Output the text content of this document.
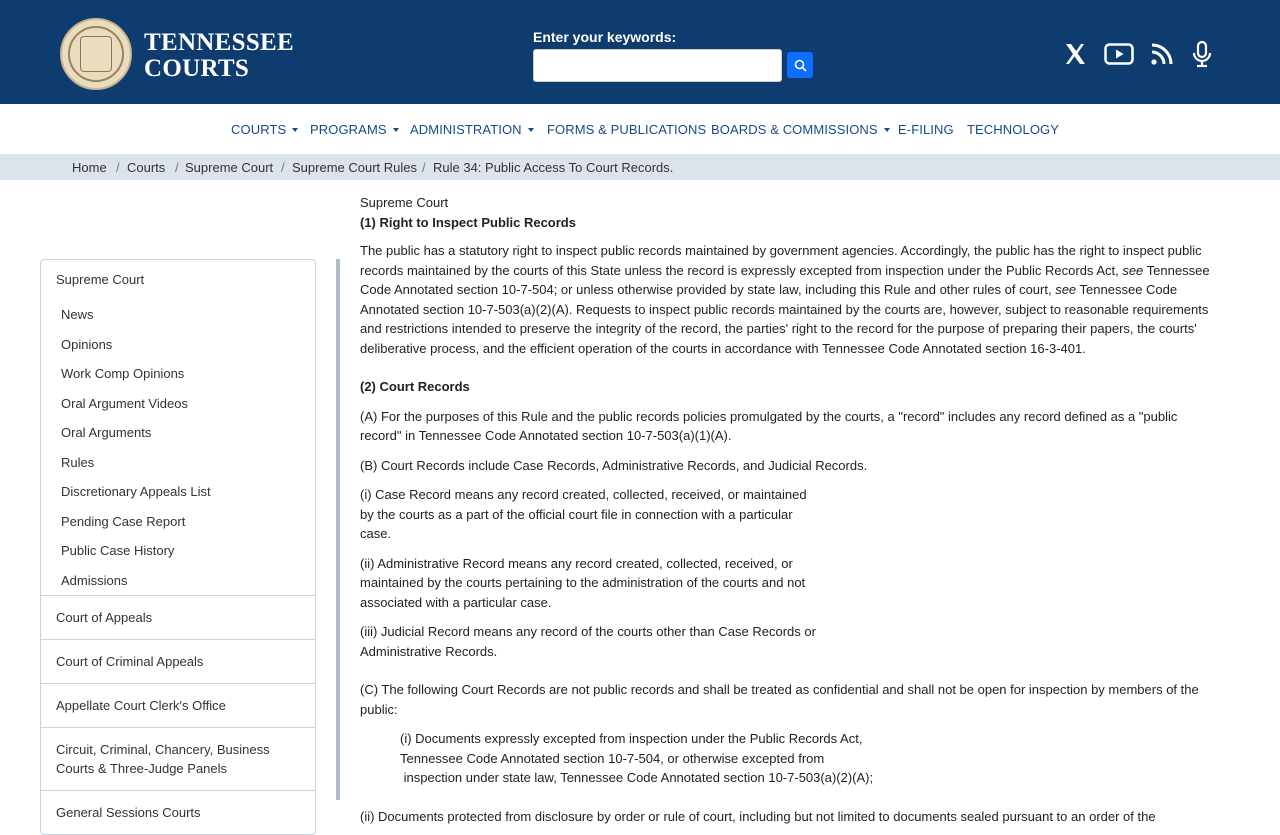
TENNESSEE
COURTS
Enter your keywords:
COURTS	PROGRAMS	ADMINISTRATION	FORMS & PUBLICATIONS BOARDS & COMMISSIONS	E-FILING TECHNOLOGY
Home / Courts / Supreme Court / Supreme Court Rules / Rule 34: Public Access To Court Records.
Supreme Court
News
Opinions
Work Comp Opinions
Oral Argument Videos
Oral Arguments
Rules
Discretionary Appeals List
Pending Case Report
Public Case History
Admissions
Court of Appeals
Court of Criminal Appeals
Appellate Court Clerk's Office
Circuit, Criminal, Chancery, Business Courts & Three-Judge Panels
General Sessions Courts

Supreme Court

(1) Right to Inspect Public Records

The public has a statutory right to inspect public records maintained by government agencies. Accordingly, the public has the right to inspect public records maintained by the courts of this State unless the record is expressly excepted from inspection under the Public Records Act, see Tennessee Code Annotated section 10-7-504; or unless otherwise provided by state law, including this Rule and other rules of court, see Tennessee Code Annotated section 10-7-503(a)(2)(A). Requests to inspect public records maintained by the courts are, however, subject to reasonable requirements and restrictions intended to preserve the integrity of the record, the parties' right to the record for the purpose of preparing their papers, the courts' deliberative process, and the efficient operation of the courts in accordance with Tennessee Code Annotated section 16-3-401.

(2) Court Records

(A) For the purposes of this Rule and the public records policies promulgated by the courts, a "record" includes any record defined as a "public record" in Tennessee Code Annotated section 10-7-503(a)(1)(A).

(B) Court Records include Case Records, Administrative Records, and Judicial Records.

(i) Case Record means any record created, collected, received, or maintained by the courts as a part of the official court file in connection with a particular case.

(ii) Administrative Record means any record created, collected, received, or maintained by the courts pertaining to the administration of the courts and not associated with a particular case.

(iii) Judicial Record means any record of the courts other than Case Records or Administrative Records.

(C) The following Court Records are not public records and shall be treated as confidential and shall not be open for inspection by members of the public:

(i) Documents expressly excepted from inspection under the Public Records Act,
Tennessee Code Annotated section 10-7-504, or otherwise excepted from
inspection under state law, Tennessee Code Annotated section 10-7-503(a)(2)(A);

(ii) Documents protected from disclosure by order or rule of court, including but not limited to documents sealed pursuant to an order of the
